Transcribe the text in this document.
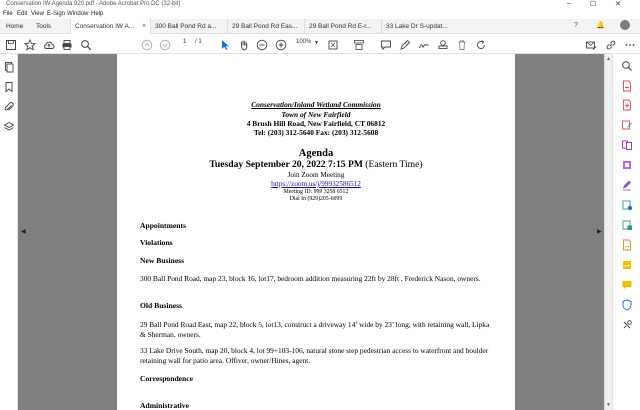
Conservation IW Agenda 920.pdf - Adobe Acrobat Pro DC (32-bit)	–	☐	✕
File Edit View E-Sign Window Help
Home	Tools	Conservation IW A... ×	300 Ball Pond Rd a...	29 Ball Pond Rd Eas...	29 Ball Pond Rd E-r...	33 Lake Dr S-updat...	?	🔔
1 / 1	100% ▼
◀	▶
Conservation/Inland Wetland Commission
Town of New Fairfield
4 Brush Hill Road, New Fairfield, CT 06812
Tel: (203) 312-5640 Fax: (203) 312-5608
Agenda
Tuesday September 20, 2022 7:15 PM (Eastern Time)
Join Zoom Meeting
https://zoom.us/j/99932586512
Meeting ID: 999 3258 6512
Dial In (929)205-6099
Appointments
Violations
New Business
300 Ball Pond Road, map 23, block 16, lot17, bedroom addition measuring 22ft by 28ft , Frederick Nason, owners.
Old Business
29 Ball Pond Road East, map 22, block 5, lot13, construct a driveway 14’ wide by 23’ long, with retaining wall, Lipka & Sherman, owners.
33 Lake Drive South, map 20, block 4, lot 99+103-106, natural stone step pedestrian access to waterfront and boulder retaining wall for patio area. Offiver, owner/Hines, agent.
Correspondence
Administrative
▲
▼
